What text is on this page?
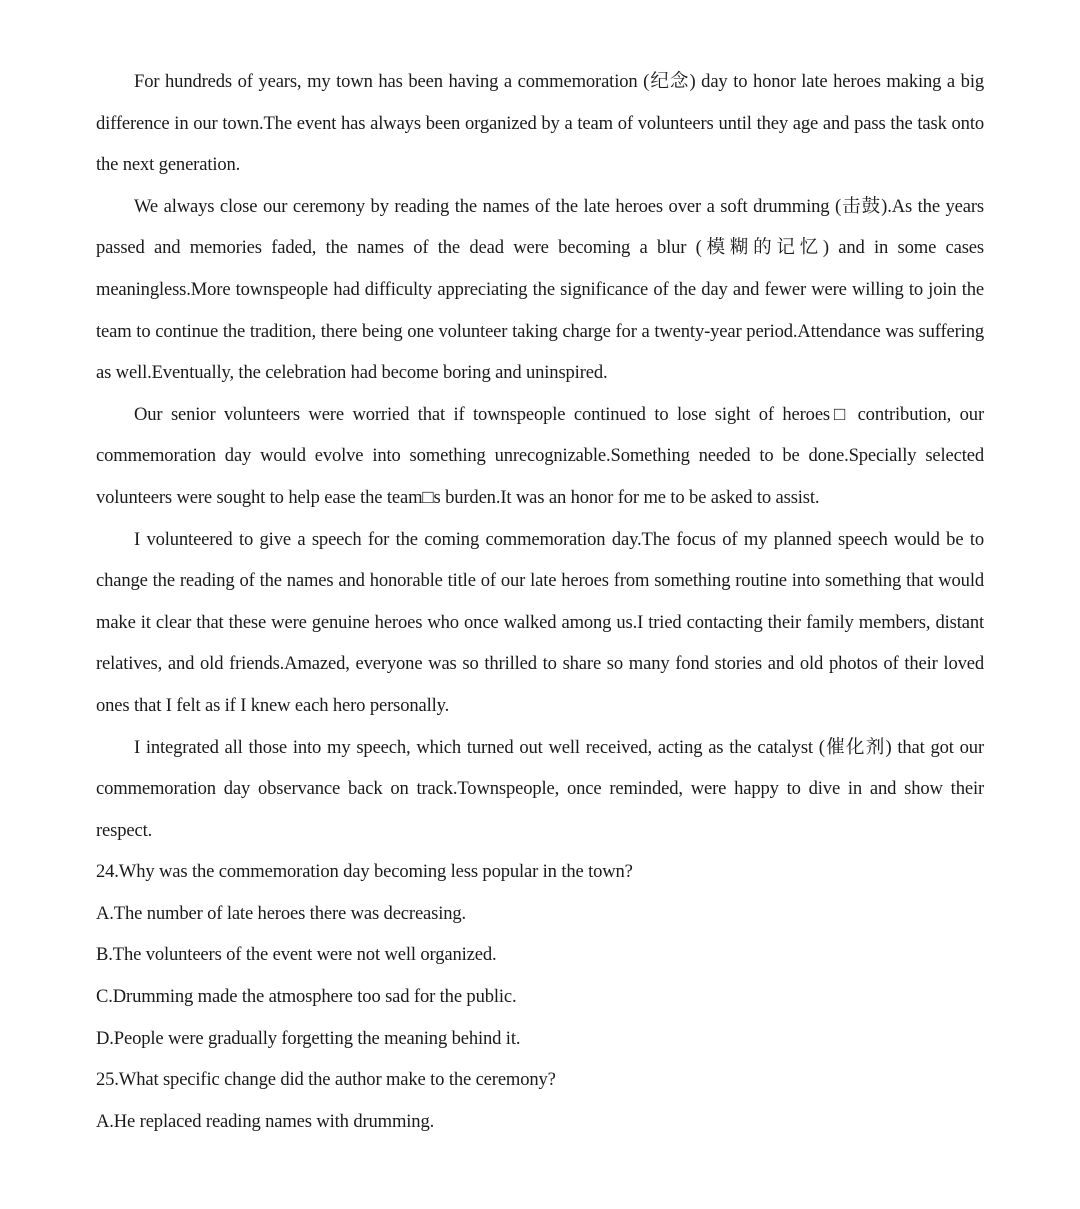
For hundreds of years, my town has been having a commemoration (纪念) day to honor late heroes making a big difference in our town.The event has always been organized by a team of volunteers until they age and pass the task onto the next generation.

We always close our ceremony by reading the names of the late heroes over a soft drumming (击鼓).As the years passed and memories faded, the names of the dead were becoming a blur (模糊的记忆) and in some cases meaningless.More townspeople had difficulty appreciating the significance of the day and fewer were willing to join the team to continue the tradition, there being one volunteer taking charge for a twenty-year period.Attendance was suffering as well.Eventually, the celebration had become boring and uninspired.

Our senior volunteers were worried that if townspeople continued to lose sight of heroes□ contribution, our commemoration day would evolve into something unrecognizable.Something needed to be done.Specially selected volunteers were sought to help ease the team□s burden.It was an honor for me to be asked to assist.

I volunteered to give a speech for the coming commemoration day.The focus of my planned speech would be to change the reading of the names and honorable title of our late heroes from something routine into something that would make it clear that these were genuine heroes who once walked among us.I tried contacting their family members, distant relatives, and old friends.Amazed, everyone was so thrilled to share so many fond stories and old photos of their loved ones that I felt as if I knew each hero personally.

I integrated all those into my speech, which turned out well received, acting as the catalyst (催化剂) that got our commemoration day observance back on track.Townspeople, once reminded, were happy to dive in and show their respect.

24.Why was the commemoration day becoming less popular in the town?

A.The number of late heroes there was decreasing.

B.The volunteers of the event were not well organized.

C.Drumming made the atmosphere too sad for the public.

D.People were gradually forgetting the meaning behind it.

25.What specific change did the author make to the ceremony?

A.He replaced reading names with drumming.
